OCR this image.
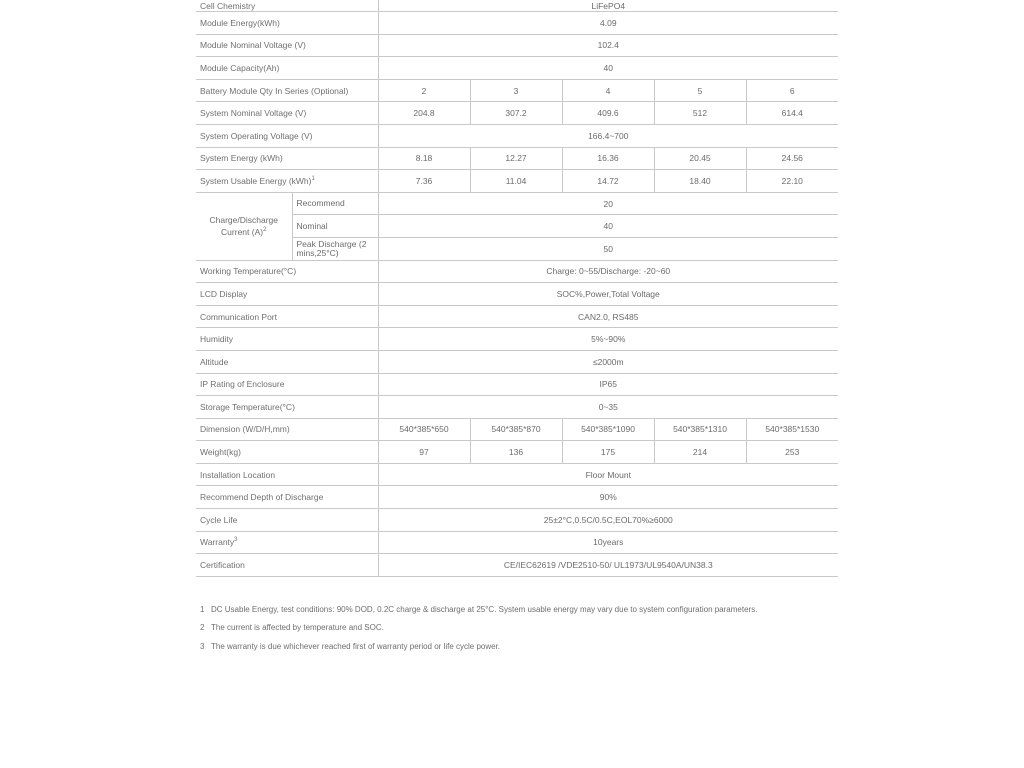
Cell Chemistry		LiFePO4				
Module Energy(kWh)		4.09				
Module Nominal Voltage (V)		102.4				
Module Capacity(Ah)		40				
Battery Module Qty In Series (Optional)		2	3	4	5	6
System Nominal Voltage (V)		204.8	307.2	409.6	512	614.4
System Operating Voltage (V)		166.4~700				
System Energy (kWh)		8.18	12.27	16.36	20.45	24.56
System Usable Energy (kWh)$^1$		7.36	11.04	14.72	18.40	22.10
Charge/Discharge Current $(A)^2$	Recommend	20				
	Nominal	40				
	Peak Discharge (2 mins,25°C)	50				
Working Temperature(°C)		Charge: 0~55/Discharge: -20~60				
LCD Display		SOC%,Power,Total Voltage				
Communication Port		CAN2.0, RS485				
Humidity		5%~90%				
Altitude		≤2000m				
IP Rating of Enclosure		IP65				
Storage Temperature(°C)		0~35				
Dimension (W/D/H,mm)		540*385*650	540*385*870	540*385*1090	540*385*1310	540*385*1530
Weight(kg)		97	136	175	214	253
Installation Location		Floor Mount				
Recommend Depth of Discharge		90%				
Cycle Life		25±2°C,0.5C/0.5C,EOL70%≥6000				
Warranty$^3$		10years				
Certification		CE/IEC62619 /VDE2510-50/ UL1973/UL9540A/UN38.3				
1 DC Usable Energy, test conditions: 90% DOD, 0.2C charge & discharge at 25°C. System usable energy may vary due to system configuration parameters.
2 The current is affected by temperature and SOC.
3 The warranty is due whichever reached first of warranty period or life cycle power.
